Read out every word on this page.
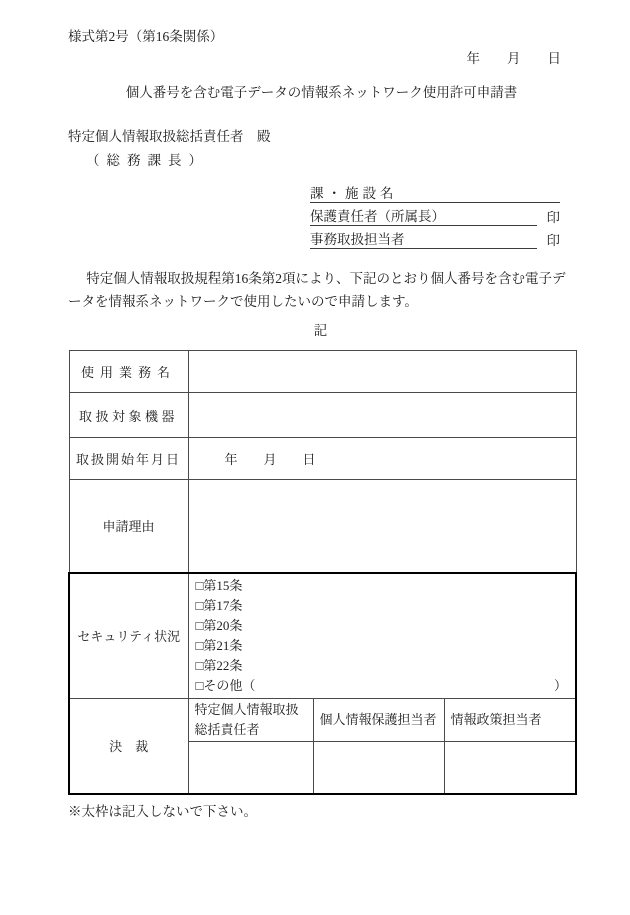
様式第2号（第16条関係）
年　　月　　日
個人番号を含む電子データの情報系ネットワーク使用許可申請書
特定個人情報取扱総括責任者　殿
（総務課長）
課・施設名
保護責任者（所属長）	印
事務取扱担当者	印
特定個人情報取扱規程第16条第2項により、下記のとおり個人番号を含む電子デ
ータを情報系ネットワークで使用したいので申請します。
記
使用業務名			
取扱対象機器			
取扱開始年月日	年　　月　　日		
申請理由			
セキュリティ状況	
□第15条
□第17条
□第20条
□第21条
□第22条
□その他（	）

決　裁	特定個人情報取扱総括責任者	個人情報保護担当者	情報政策担当者

※太枠は記入しないで下さい。
